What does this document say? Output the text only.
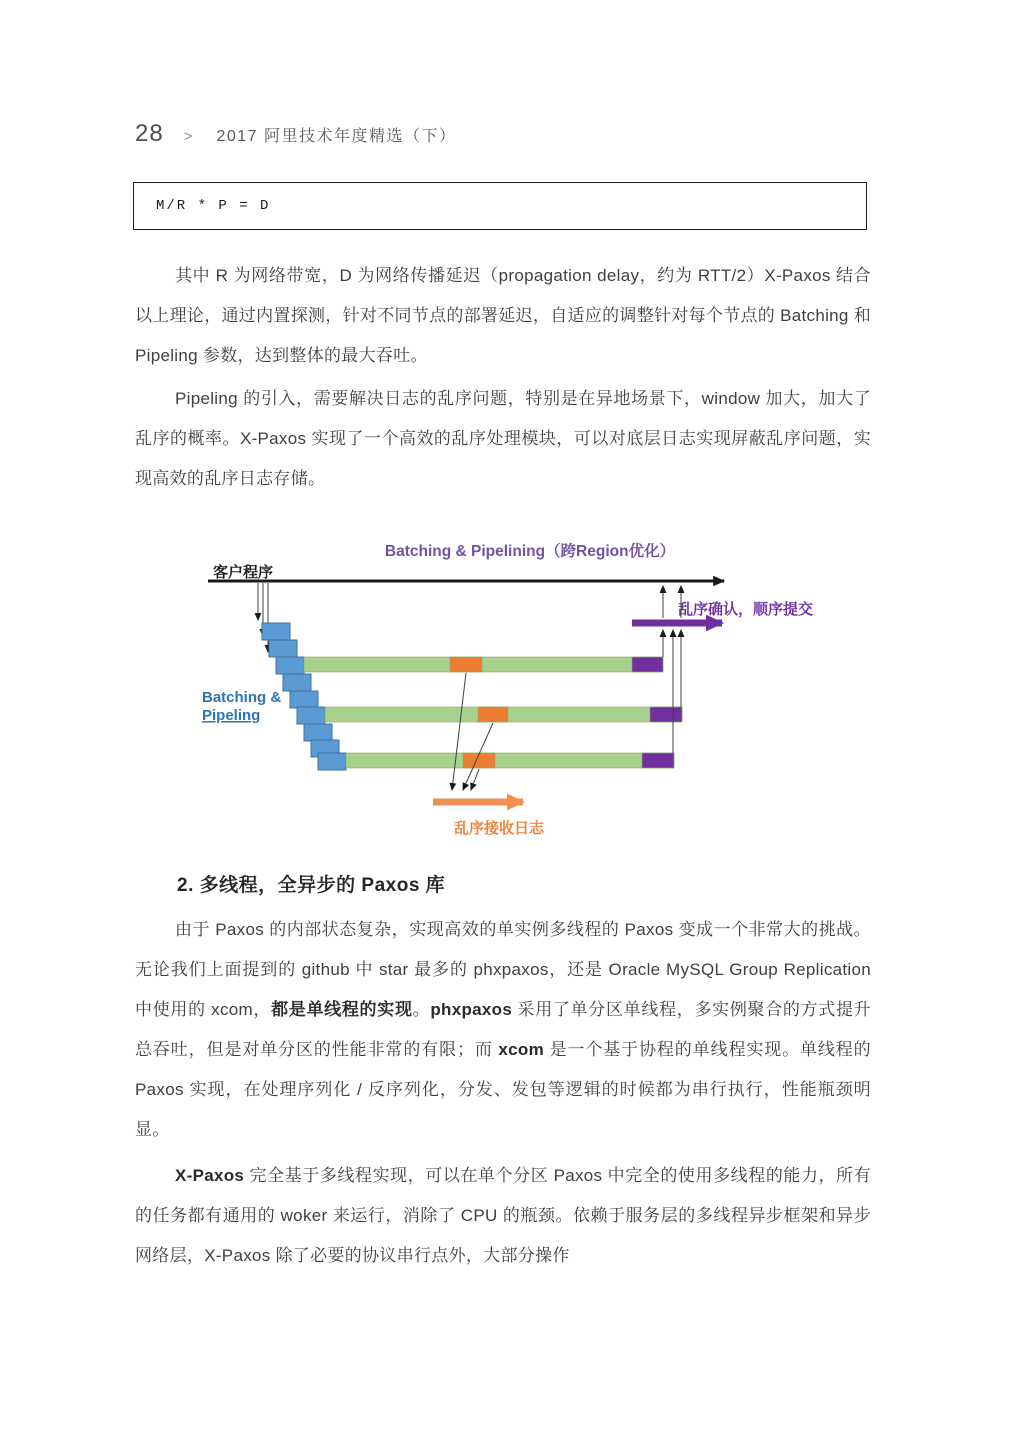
28 > 2017 阿里技术年度精选（下）
M/R * P = D

其中 R 为网络带宽，D 为网络传播延迟（propagation delay，约为 RTT/2）X-Paxos 结合以上理论，通过内置探测，针对不同节点的部署延迟，自适应的调整针对每个节点的 Batching 和 Pipeling 参数，达到整体的最大吞吐。

Pipeling 的引入，需要解决日志的乱序问题，特别是在异地场景下，window 加大，加大了乱序的概率。X-Paxos 实现了一个高效的乱序处理模块，可以对底层日志实现屏蔽乱序问题，实现高效的乱序日志存储。

Batching & Pipelining（跨Region优化）
客户程序
Batching &
Pipeling
乱序确认，顺序提交
乱序接收日志
2. 多线程，全异步的 Paxos 库

由于 Paxos 的内部状态复杂，实现高效的单实例多线程的 Paxos 变成一个非常大的挑战。无论我们上面提到的 github 中 star 最多的 phxpaxos，还是 Oracle MySQL Group Replication 中使用的 xcom，都是单线程的实现。phxpaxos 采用了单分区单线程，多实例聚合的方式提升总吞吐，但是对单分区的性能非常的有限；而 xcom 是一个基于协程的单线程实现。单线程的 Paxos 实现，在处理序列化 / 反序列化，分发、发包等逻辑的时候都为串行执行，性能瓶颈明显。

X-Paxos 完全基于多线程实现，可以在单个分区 Paxos 中完全的使用多线程的能力，所有的任务都有通用的 woker 来运行，消除了 CPU 的瓶颈。依赖于服务层的多线程异步框架和异步网络层，X-Paxos 除了必要的协议串行点外，大部分操作
